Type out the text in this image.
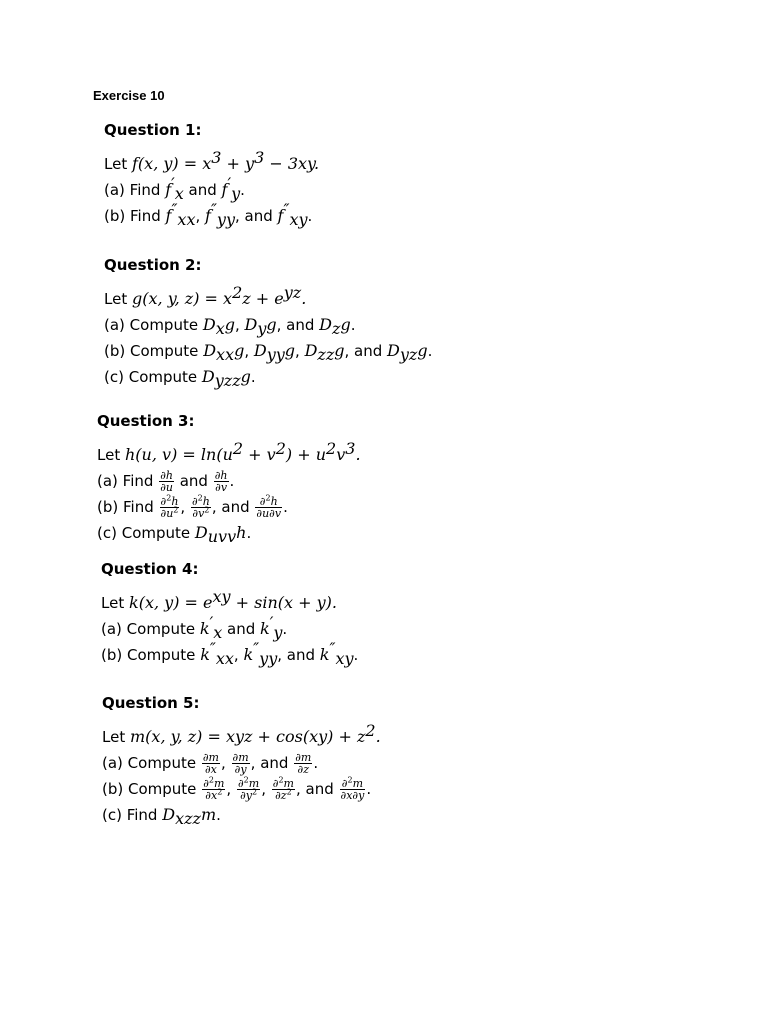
Exercise 10
Question 1:
Let f(x, $y) = x^3 + y^3 - 3xy$.
(a) Find $f'_x$ and $f'_y$.
(b) Find $f''_{xx}$, $f''_{yy}$, and $f''_{xy}$.
Question 2:
Let g(x, y, $z) = x^2z + e^{yz}$.
(a) Compute $D_xg$, $D_yg$, and $D_zg$.
(b) Compute $D_{xx}g$, $D_{yy}g$, $D_{zz}g$, and $D_{yz}g$.
(c) Compute $D_{yzz}g$.
Question 3:
Let h(u, $v) = \ln(u^2 + v^2) + u^2v^3$.
(a) Find $\frac{\partial h}{\partial u}$ and $\frac{\partial h}{\partial v}$ .
(b) Find $\frac{\partial^2h}{\partial u^2}$ , $\frac{\partial^2h}{\partial v^2}$ , and $\frac{\partial^2h}{\partial u\partial v}$ .
(c) Compute $D_{uvv}h$.
Question 4:
Let k(x, $y) = e^{xy} + \sin(x + y)$.
(a) Compute $k'_x$ and $k'_y$.
(b) Compute $k''_{xx}$, $k''_{yy}$, and $k''_{xy}$.
Question 5:
Let m(x, y, z) = xyz + $\cos(xy) + z^2$.
(a) Compute $\frac{\partial m}{\partial x}$ , $\frac{\partial m}{\partial y}$ , and $\frac{\partial m}{\partial z}$ .
(b) Compute $\frac{\partial^2m}{\partial x^2}$ , $\frac{\partial^2m}{\partial y^2}$ , $\frac{\partial^2m}{\partial z^2}$ , and $\frac{\partial^2m}{\partial x\partial y}$ .
(c) Find $D_{xzz}m$.
